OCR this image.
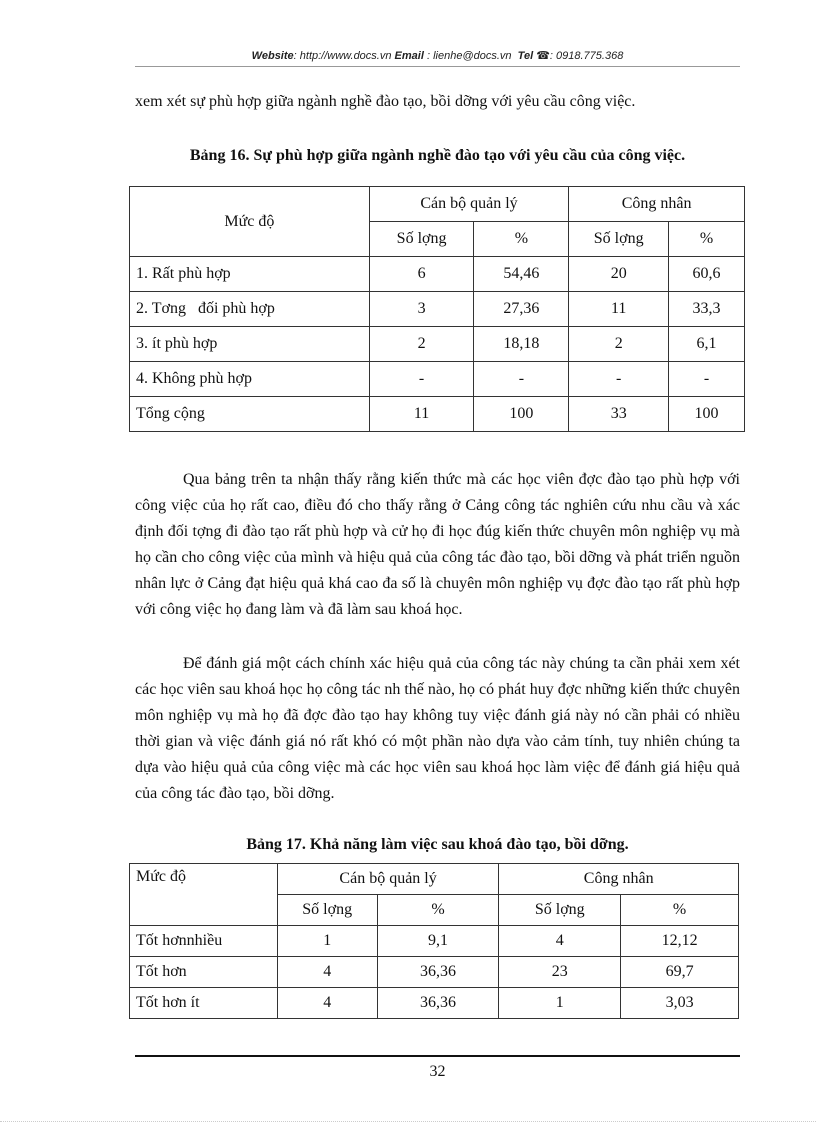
Website: http://www.docs.vn Email : lienhe@docs.vn Tel ☎: 0918.775.368

xem xét sự phù hợp giữa ngành nghề đào tạo, bồi dỡng với yêu cầu công việc.

Bảng 16. Sự phù hợp giữa ngành nghề đào tạo với yêu cầu của công việc.

Mức độ	Cán bộ quản lý		Công nhân	
	Số lợng	%	Số lợng	%
1. Rất phù hợp	6	54,46	20	60,6
2. Tơng   đối phù hợp	3	27,36	11	33,3
3. ít phù hợp	2	18,18	2	6,1
4. Không phù hợp	-	-	-	-
Tổng cộng	11	100	33	100

Qua bảng trên ta nhận thấy rằng kiến thức mà các học viên đợc đào tạo phù hợp với công việc của họ rất cao, điều đó cho thấy rằng ở Cảng công tác nghiên cứu nhu cầu và xác định đối tợng đi đào tạo rất phù hợp và cử họ đi học đúg kiến thức chuyên môn nghiệp vụ mà họ cần cho công việc của mình và hiệu quả của công tác đào tạo, bồi dỡng và phát triển nguồn nhân lực ở Cảng đạt hiệu quả khá cao đa số là chuyên môn nghiệp vụ đợc đào tạo rất phù hợp với công việc họ đang làm và đã làm sau khoá học.

Để đánh giá một cách chính xác hiệu quả của công tác này chúng ta cần phải xem xét các học viên sau khoá học họ công tác nh thế nào, họ có phát huy đợc những kiến thức chuyên môn nghiệp vụ mà họ đã đợc đào tạo hay không tuy việc đánh giá này nó cần phải có nhiều thời gian và việc đánh giá nó rất khó có một phần nào dựa vào cảm tính, tuy nhiên chúng ta dựa vào hiệu quả của công việc mà các học viên sau khoá học làm việc để đánh giá hiệu quả của công tác đào tạo, bồi dỡng.

Bảng 17. Khả năng làm việc sau khoá đào tạo, bồi dỡng.

Mức độ	Cán bộ quản lý		Công nhân	
	Số lợng	%	Số lợng	%
Tốt hơnnhiều	1	9,1	4	12,12
Tốt hơn	4	36,36	23	69,7
Tốt hơn ít	4	36,36	1	3,03
32
